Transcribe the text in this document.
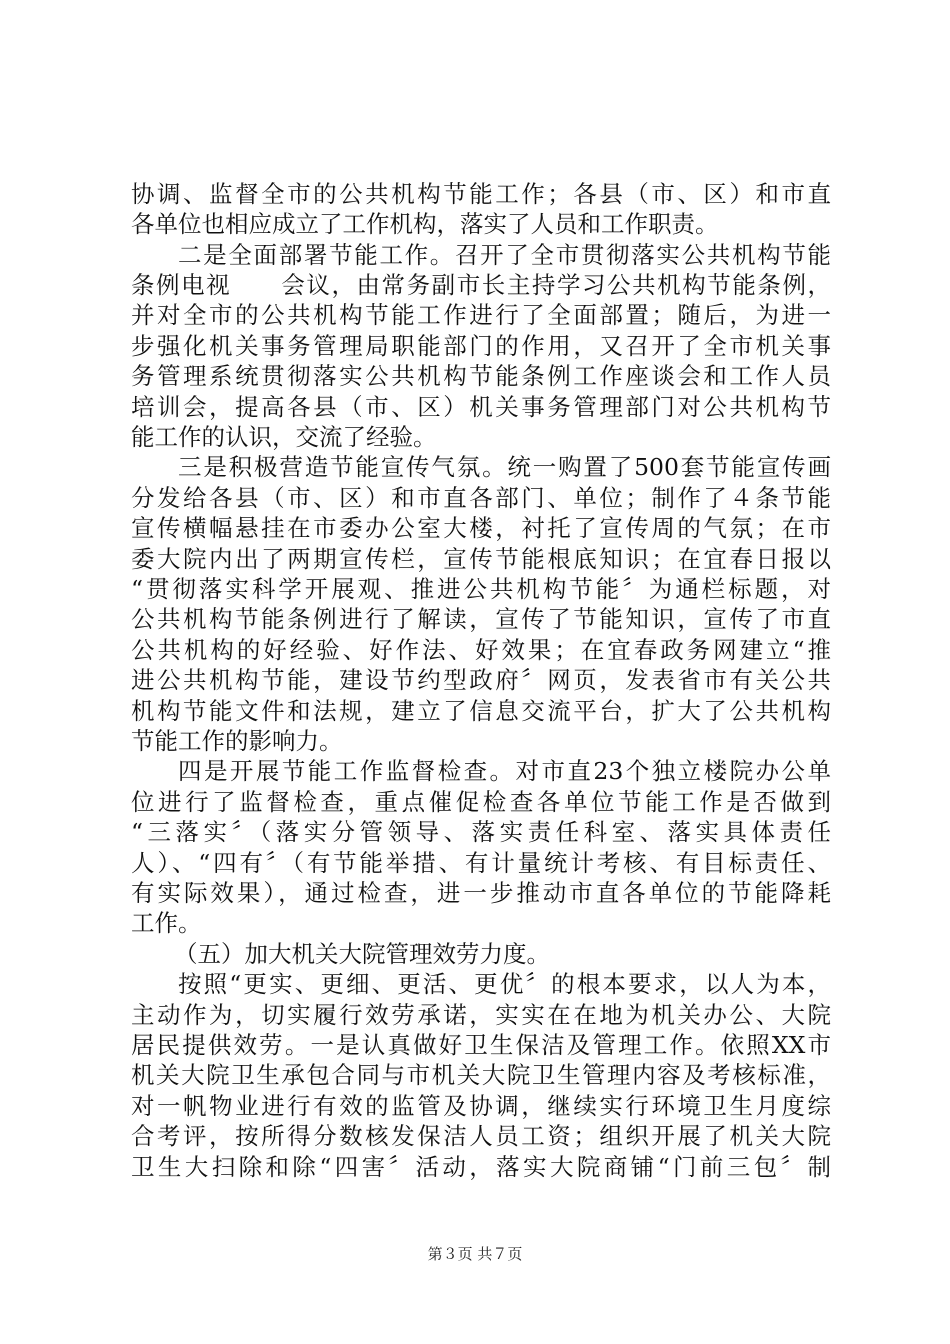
协调、监督全市的公共机构节能工作；各县（市、区）和市直
各单位也相应成立了工作机构，落实了人员和工作职责。
二是全面部署节能工作。召开了全市贯彻落实公共机构节能
条例电视　　会议，由常务副市长主持学习公共机构节能条例，
并对全市的公共机构节能工作进行了全面部置；随后，为进一
步强化机关事务管理局职能部门的作用，又召开了全市机关事
务管理系统贯彻落实公共机构节能条例工作座谈会和工作人员
培训会，提高各县（市、区）机关事务管理部门对公共机构节
能工作的认识，交流了经验。
三是积极营造节能宣传气氛。统一购置了500套节能宣传画
分发给各县（市、区）和市直各部门、单位；制作了４条节能
宣传横幅悬挂在市委办公室大楼，衬托了宣传周的气氛；在市
委大院内出了两期宣传栏，宣传节能根底知识；在宜春日报以
“贯彻落实科学开展观、推进公共机构节能〞为通栏标题，对
公共机构节能条例进行了解读，宣传了节能知识，宣传了市直
公共机构的好经验、好作法、好效果；在宜春政务网建立“推
进公共机构节能，建设节约型政府〞网页，发表省市有关公共
机构节能文件和法规，建立了信息交流平台，扩大了公共机构
节能工作的影响力。
四是开展节能工作监督检查。对市直23个独立楼院办公单
位进行了监督检查，重点催促检查各单位节能工作是否做到
“三落实〞（落实分管领导、落实责任科室、落实具体责任
人）、“四有〞（有节能举措、有计量统计考核、有目标责任、
有实际效果），通过检查，进一步推动市直各单位的节能降耗
工作。
（五）加大机关大院管理效劳力度。
按照“更实、更细、更活、更优〞的根本要求，以人为本，
主动作为，切实履行效劳承诺，实实在在地为机关办公、大院
居民提供效劳。一是认真做好卫生保洁及管理工作。依照XX市
机关大院卫生承包合同与市机关大院卫生管理内容及考核标准，
对一帆物业进行有效的监管及协调，继续实行环境卫生月度综
合考评，按所得分数核发保洁人员工资；组织开展了机关大院
卫生大扫除和除“四害〞活动，落实大院商铺“门前三包〞制
第３页 共７页
